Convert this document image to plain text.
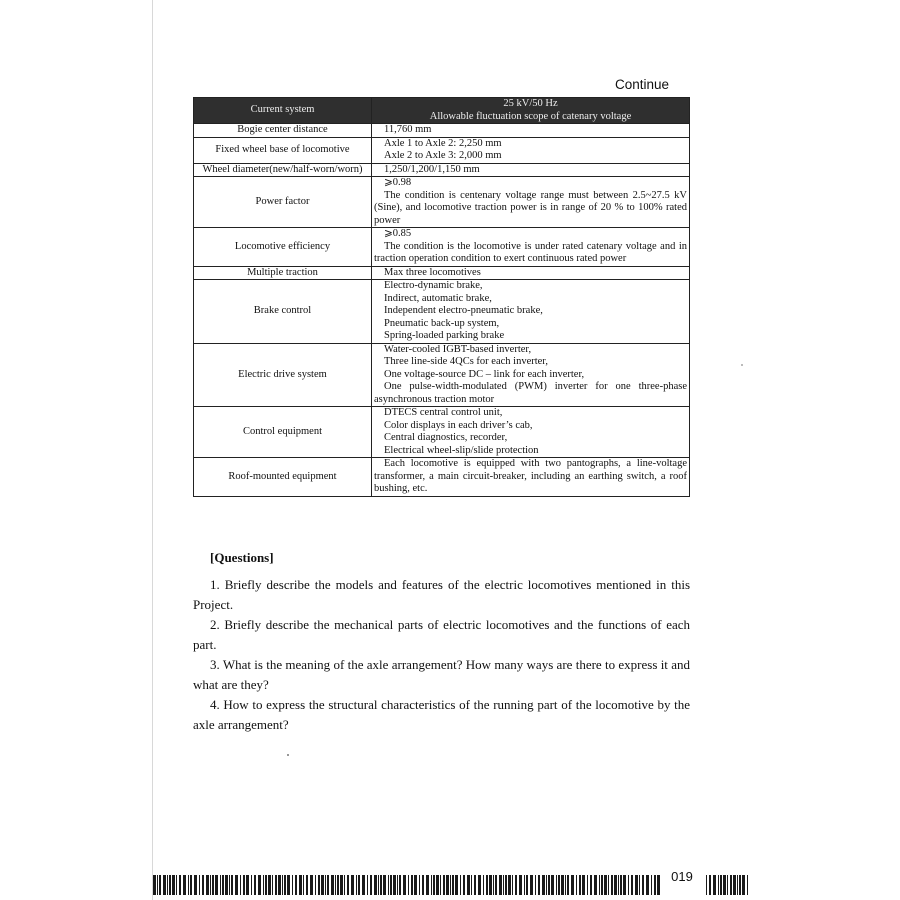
Continue
Current system	25 kV/50 Hz
Allowable fluctuation scope of catenary voltage

Bogie center distance	11,760 mm

Fixed wheel base of locomotive	Axle 1 to Axle 2: 2,250 mm
Axle 2 to Axle 3: 2,000 mm

Wheel diameter(new/half-worn/worn)	1,250/1,200/1,150 mm

Power factor	⩾0.98
The condition is centenary voltage range must between 2.5~27.5 kV (Sine), and locomotive traction power is in range of 20 % to 100% rated power

Locomotive efficiency	⩾0.85
The condition is the locomotive is under rated catenary voltage and in traction operation condition to exert continuous rated power

Multiple traction	Max three locomotives

Brake control	Electro-dynamic brake,
Indirect, automatic brake,
Independent electro-pneumatic brake,
Pneumatic back-up system,
Spring-loaded parking brake

Electric drive system	Water-cooled IGBT-based inverter,
Three line-side 4QCs for each inverter,
One voltage-source DC – link for each inverter,
One pulse-width-modulated (PWM) inverter for one three-phase asynchronous traction motor

Control equipment	DTECS central control unit,
Color displays in each driver’s cab,
Central diagnostics, recorder,
Electrical wheel-slip/slide protection

Roof-mounted equipment	Each locomotive is equipped with two pantographs, a line-voltage transformer, a main circuit-breaker, including an earthing switch, a roof bushing, etc.
[Questions]

1. Briefly describe the models and features of the electric locomotives mentioned in this Project.

2. Briefly describe the mechanical parts of electric locomotives and the functions of each part.

3. What is the meaning of the axle arrangement? How many ways are there to express it and what are they?

4. How to express the structural characteristics of the running part of the locomotive by the axle arrangement?

019
